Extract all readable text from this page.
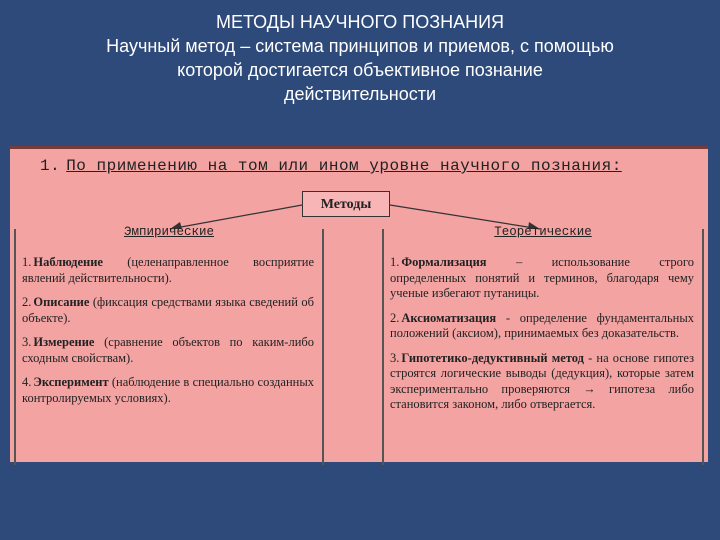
МЕТОДЫ НАУЧНОГО ПОЗНАНИЯ
Научный метод – система принципов и приемов, с помощью
которой достигается объективное познание
действительности
1. По применению на том или ином уровне научного познания:
Методы
Эмпирические
1. Наблюдение (целенаправленное восприятие явлений действительности).
2. Описание (фиксация средствами языка сведений об объекте).
3. Измерение (сравнение объектов по каким-либо сходным свойствам).
4. Эксперимент (наблюдение в специально созданных контролируемых условиях).
Теоретические
1. Формализация – использование строго определенных понятий и терминов, благодаря чему ученые избегают путаницы.
2. Аксиоматизация - определение фундаментальных положений (аксиом), принимаемых без доказательств.
3. Гипотетико-дедуктивный метод - на основе гипотез строятся логические выводы (дедукция), которые затем экспериментально проверяются → гипотеза либо становится законом, либо отвергается.
